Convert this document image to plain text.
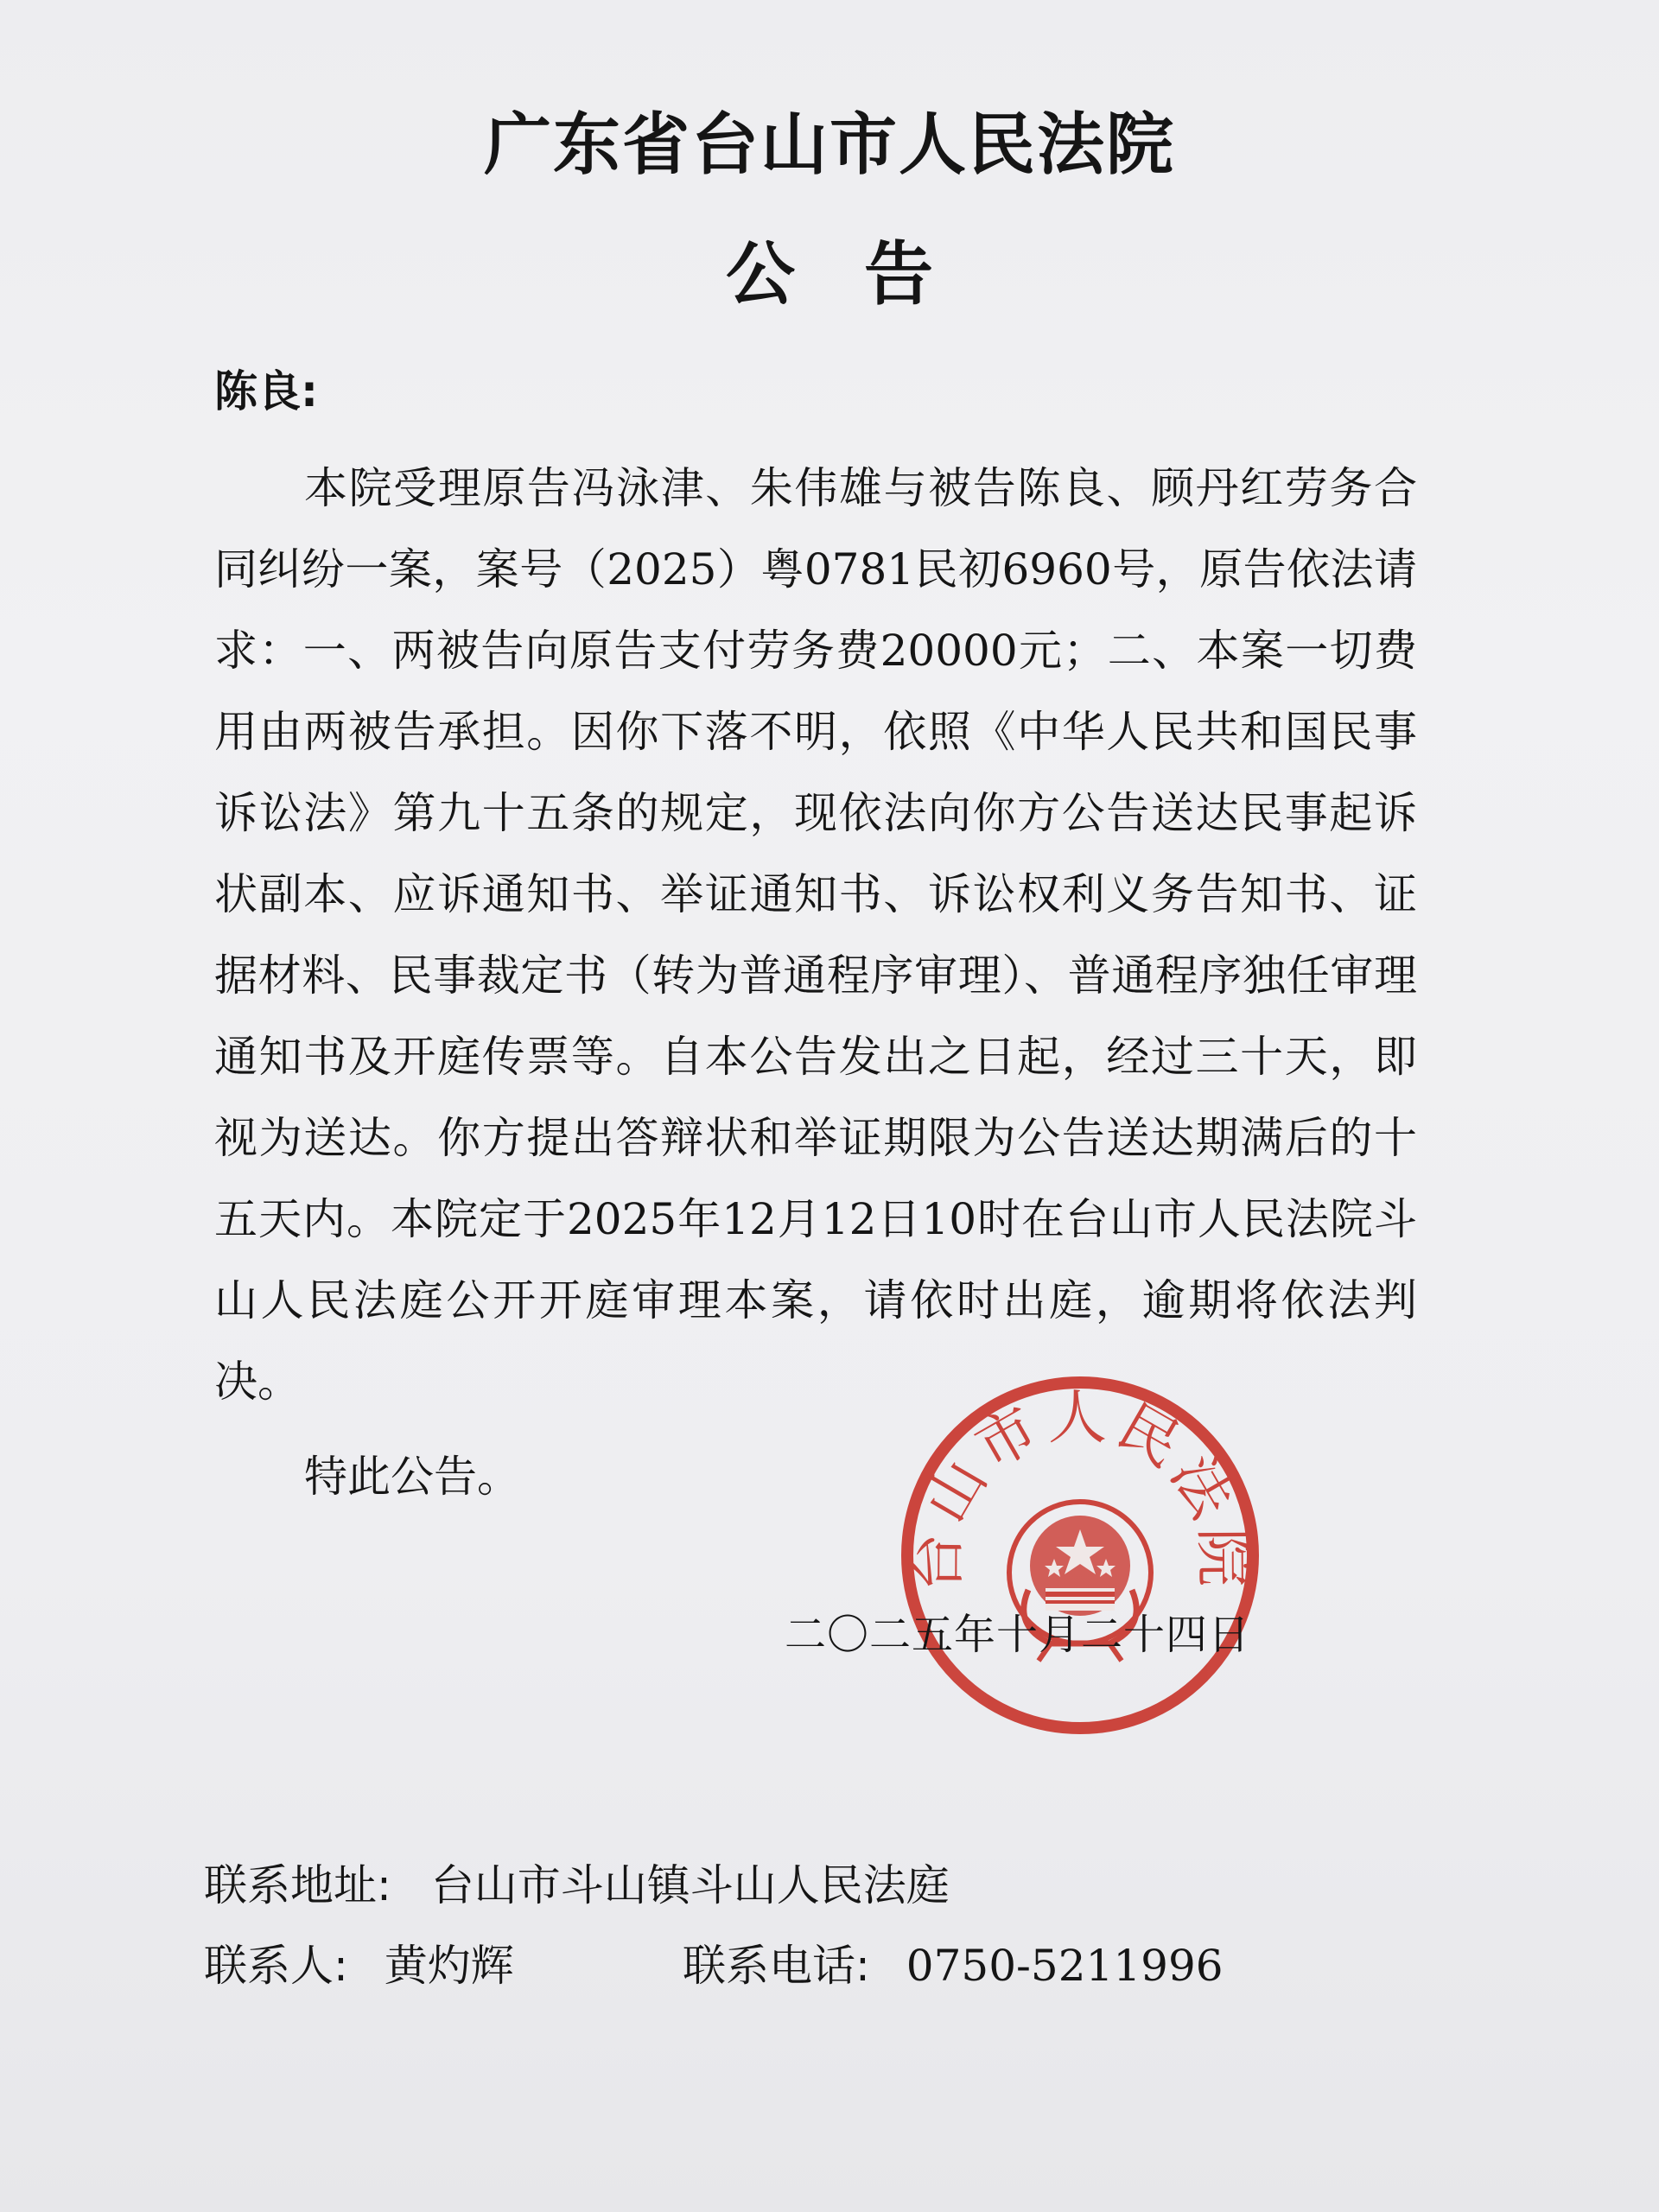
广东省台山市人民法院
公告
陈良:

本院受理原告冯泳津、朱伟雄与被告陈良、顾丹红劳务合同纠纷一案，案号（2025）粤0781民初6960号，原告依法请求：一、两被告向原告支付劳务费20000元；二、本案一切费用由两被告承担。因你下落不明，依照《中华人民共和国民事诉讼法》第九十五条的规定，现依法向你方公告送达民事起诉状副本、应诉通知书、举证通知书、诉讼权利义务告知书、证据材料、民事裁定书（转为普通程序审理）、普通程序独任审理通知书及开庭传票等。自本公告发出之日起，经过三十天，即视为送达。你方提出答辩状和举证期限为公告送达期满后的十五天内。本院定于2025年12月12日10时在台山市人民法院斗山人民法庭公开开庭审理本案，请依时出庭，逾期将依法判决。

特此公告。
台山市人民法院
二〇二五年十月二十四日
联系地址: 台山市斗山镇斗山人民法庭
联系人: 黄灼辉	联系电话: 0750-5211996
